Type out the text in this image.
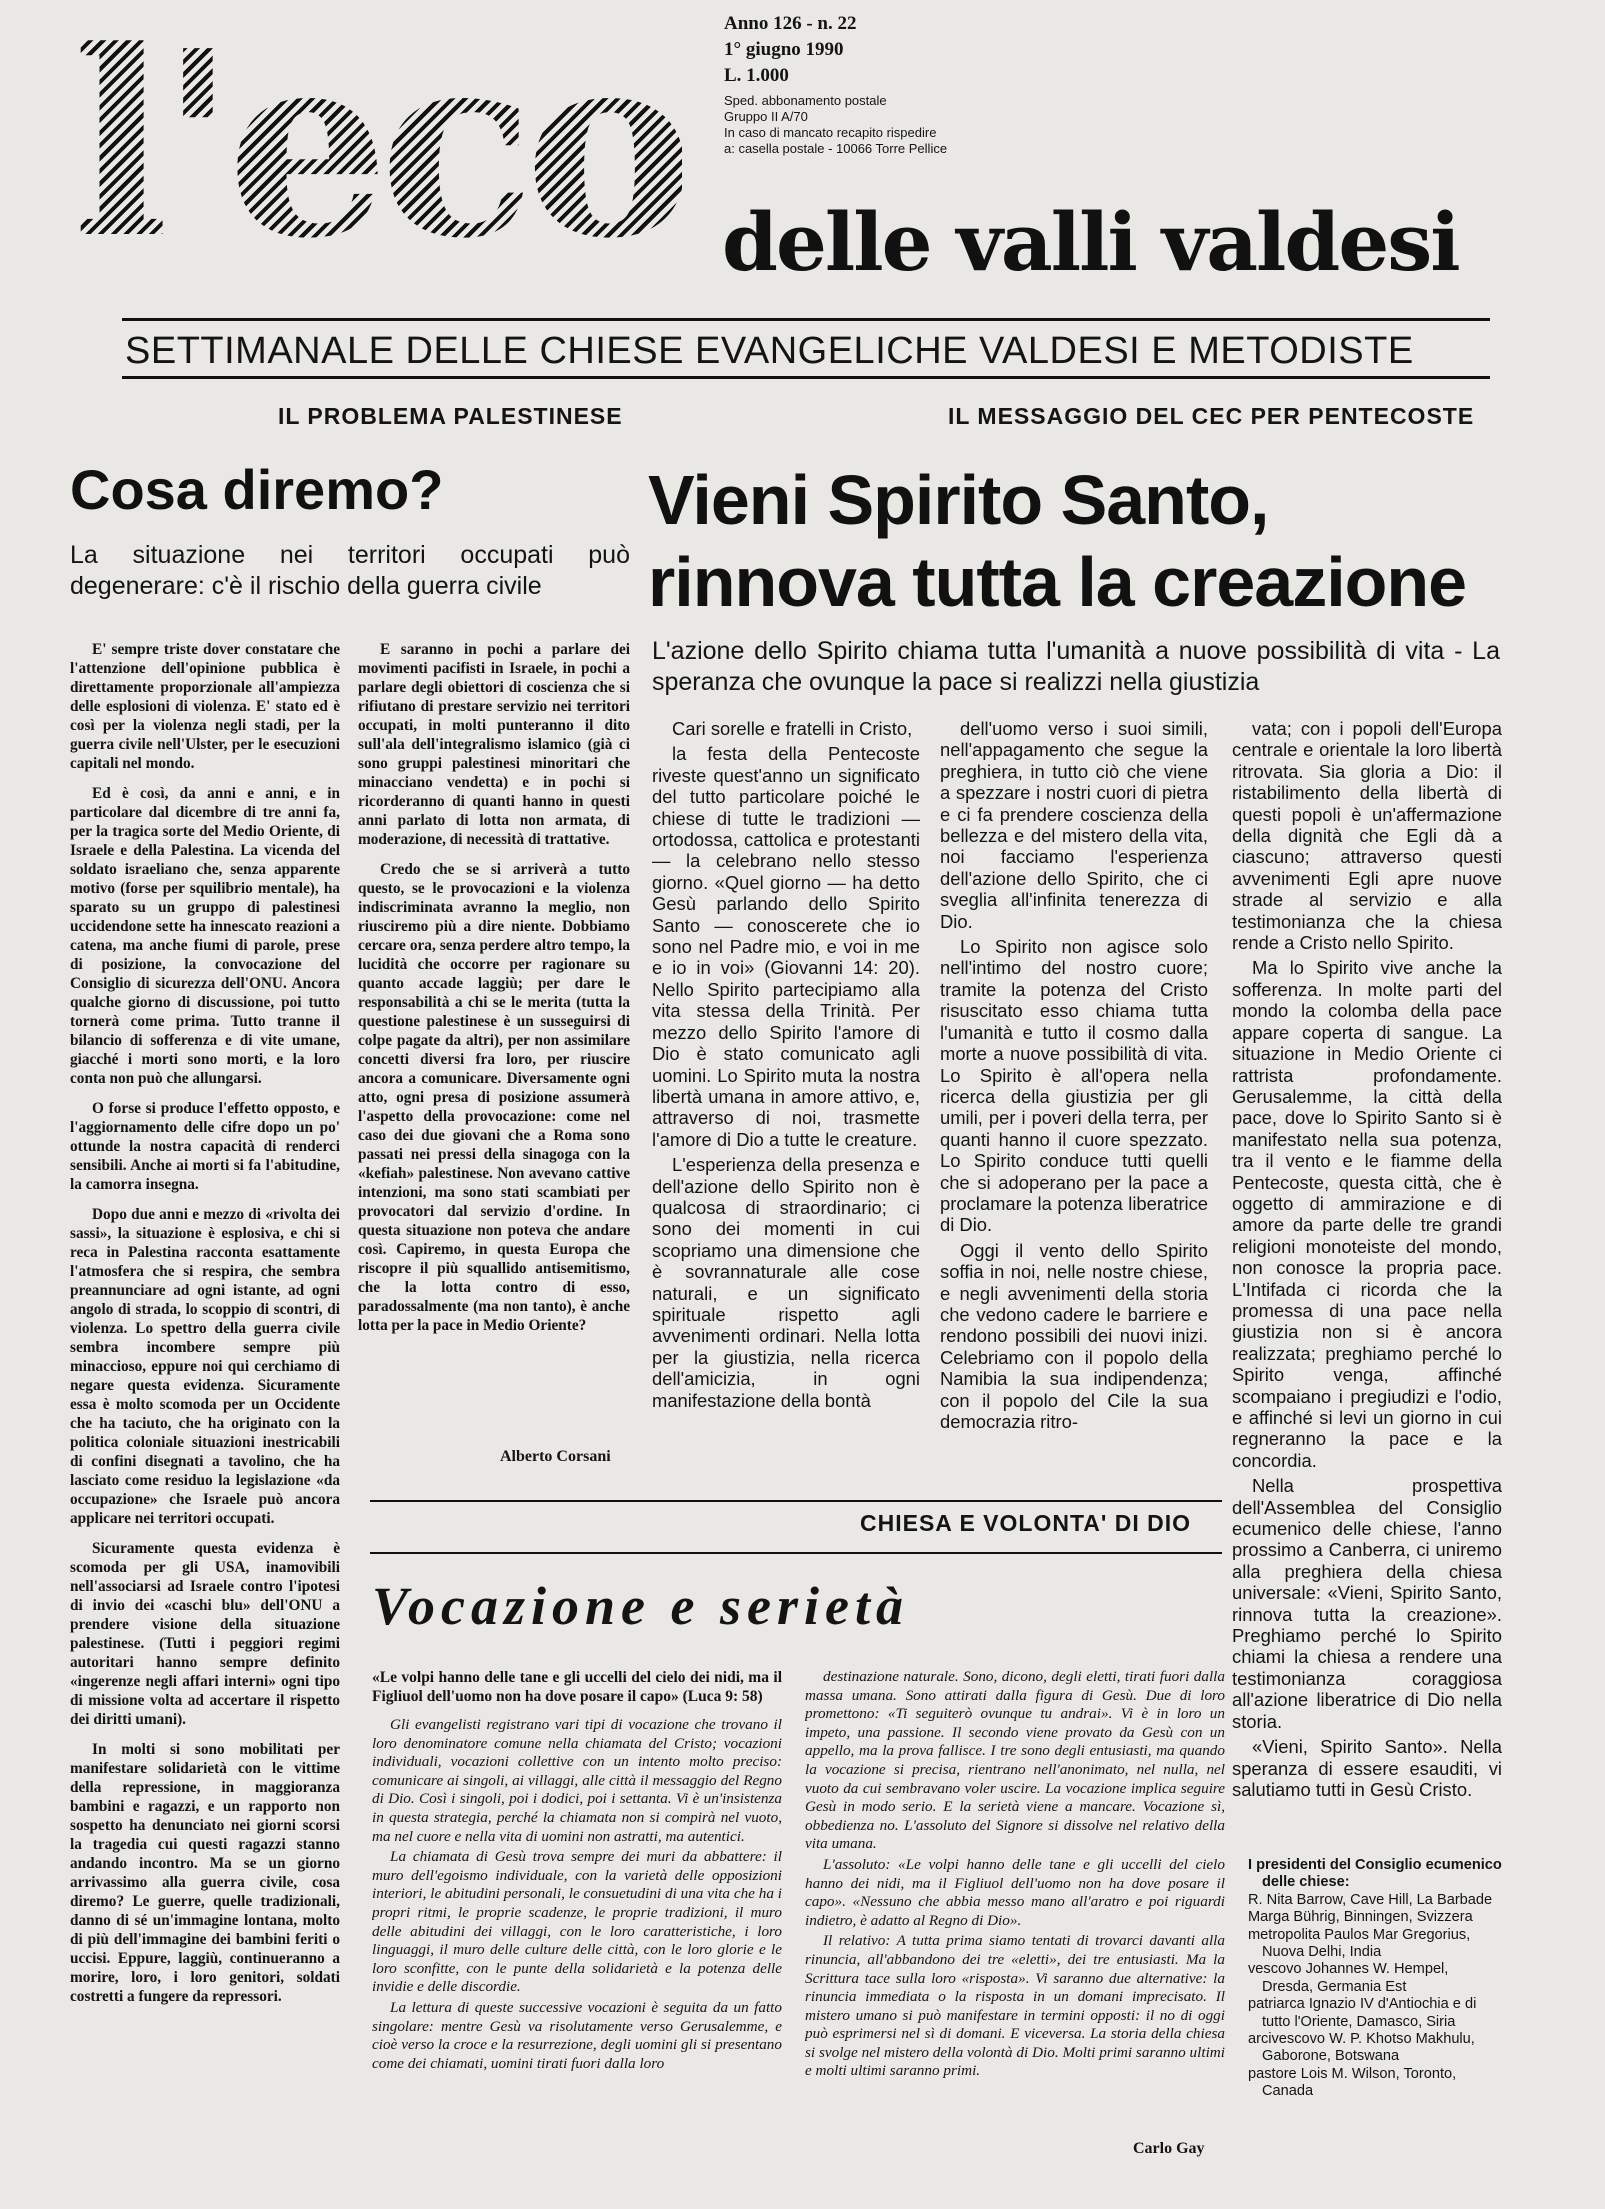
l'eco Anno 126 - n. 22
1° giugno 1990
L. 1.000
Sped. abbonamento postale
Gruppo II A/70
In caso di mancato recapito rispedire
a: casella postale - 10066 Torre Pellice
delle valli valdesi
SETTIMANALE DELLE CHIESE EVANGELICHE VALDESI E METODISTE
IL PROBLEMA PALESTINESE	IL MESSAGGIO DEL CEC PER PENTECOSTE
Cosa diremo?
La situazione nei territori occupati può degenerare: c'è il rischio della guerra civile
Vieni Spirito Santo,
rinnova tutta la creazione
L'azione dello Spirito chiama tutta l'umanità a nuove possibilità di vita - La speranza che ovunque la pace si realizzi nella giustizia

E' sempre triste dover constatare che l'attenzione dell'opinione pubblica è direttamente proporzionale all'ampiezza delle esplosioni di violenza. E' stato ed è così per la violenza negli stadi, per la guerra civile nell'Ulster, per le esecuzioni capitali nel mondo.

Ed è così, da anni e anni, e in particolare dal dicembre di tre anni fa, per la tragica sorte del Medio Oriente, di Israele e della Palestina. La vicenda del soldato israeliano che, senza apparente motivo (forse per squilibrio mentale), ha sparato su un gruppo di palestinesi uccidendone sette ha innescato reazioni a catena, ma anche fiumi di parole, prese di posizione, la convocazione del Consiglio di sicurezza dell'ONU. Ancora qualche giorno di discussione, poi tutto tornerà come prima. Tutto tranne il bilancio di sofferenza e di vite umane, giacché i morti sono morti, e la loro conta non può che allungarsi.

O forse si produce l'effetto opposto, e l'aggiornamento delle cifre dopo un po' ottunde la nostra capacità di renderci sensibili. Anche ai morti si fa l'abitudine, la camorra insegna.

Dopo due anni e mezzo di «rivolta dei sassi», la situazione è esplosiva, e chi si reca in Palestina racconta esattamente l'atmosfera che si respira, che sembra preannunciare ad ogni istante, ad ogni angolo di strada, lo scoppio di scontri, di violenza. Lo spettro della guerra civile sembra incombere sempre più minaccioso, eppure noi qui cerchiamo di negare questa evidenza. Sicuramente essa è molto scomoda per un Occidente che ha taciuto, che ha originato con la politica coloniale situazioni inestricabili di confini disegnati a tavolino, che ha lasciato come residuo la legislazione «da occupazione» che Israele può ancora applicare nei territori occupati.

Sicuramente questa evidenza è scomoda per gli USA, inamovibili nell'associarsi ad Israele contro l'ipotesi di invio dei «caschi blu» dell'ONU a prendere visione della situazione palestinese. (Tutti i peggiori regimi autoritari hanno sempre definito «ingerenze negli affari interni» ogni tipo di missione volta ad accertare il rispetto dei diritti umani).

In molti si sono mobilitati per manifestare solidarietà con le vittime della repressione, in maggioranza bambini e ragazzi, e un rapporto non sospetto ha denunciato nei giorni scorsi la tragedia cui questi ragazzi stanno andando incontro. Ma se un giorno arrivassimo alla guerra civile, cosa diremo? Le guerre, quelle tradizionali, danno di sé un'immagine lontana, molto di più dell'immagine dei bambini feriti o uccisi. Eppure, laggiù, continueranno a morire, loro, i loro genitori, soldati costretti a fungere da repressori.

E saranno in pochi a parlare dei movimenti pacifisti in Israele, in pochi a parlare degli obiettori di coscienza che si rifiutano di prestare servizio nei territori occupati, in molti punteranno il dito sull'ala dell'integralismo islamico (già ci sono gruppi palestinesi minoritari che minacciano vendetta) e in pochi si ricorderanno di quanti hanno in questi anni parlato di lotta non armata, di moderazione, di necessità di trattative.

Credo che se si arriverà a tutto questo, se le provocazioni e la violenza indiscriminata avranno la meglio, non riusciremo più a dire niente. Dobbiamo cercare ora, senza perdere altro tempo, la lucidità che occorre per ragionare su quanto accade laggiù; per dare le responsabilità a chi se le merita (tutta la questione palestinese è un susseguirsi di colpe pagate da altri), per non assimilare concetti diversi fra loro, per riuscire ancora a comunicare. Diversamente ogni atto, ogni presa di posizione assumerà l'aspetto della provocazione: come nel caso dei due giovani che a Roma sono passati nei pressi della sinagoga con la «kefiah» palestinese. Non avevano cattive intenzioni, ma sono stati scambiati per provocatori dal servizio d'ordine. In questa situazione non poteva che andare così. Capiremo, in questa Europa che riscopre il più squallido antisemitismo, che la lotta contro di esso, paradossalmente (ma non tanto), è anche lotta per la pace in Medio Oriente?

Alberto Corsani

Cari sorelle e fratelli in Cristo,

la festa della Pentecoste riveste quest'anno un significato del tutto particolare poiché le chiese di tutte le tradizioni — ortodossa, cattolica e protestanti — la celebrano nello stesso giorno. «Quel giorno — ha detto Gesù parlando dello Spirito Santo — conoscerete che io sono nel Padre mio, e voi in me e io in voi» (Giovanni 14: 20). Nello Spirito partecipiamo alla vita stessa della Trinità. Per mezzo dello Spirito l'amore di Dio è stato comunicato agli uomini. Lo Spirito muta la nostra libertà umana in amore attivo, e, attraverso di noi, trasmette l'amore di Dio a tutte le creature.

L'esperienza della presenza e dell'azione dello Spirito non è qualcosa di straordinario; ci sono dei momenti in cui scopriamo una dimensione che è sovrannaturale alle cose naturali, e un significato spirituale rispetto agli avvenimenti ordinari. Nella lotta per la giustizia, nella ricerca dell'amicizia, in ogni manifestazione della bontà

dell'uomo verso i suoi simili, nell'appagamento che segue la preghiera, in tutto ciò che viene a spezzare i nostri cuori di pietra e ci fa prendere coscienza della bellezza e del mistero della vita, noi facciamo l'esperienza dell'azione dello Spirito, che ci sveglia all'infinita tenerezza di Dio.

Lo Spirito non agisce solo nell'intimo del nostro cuore; tramite la potenza del Cristo risuscitato esso chiama tutta l'umanità e tutto il cosmo dalla morte a nuove possibilità di vita. Lo Spirito è all'opera nella ricerca della giustizia per gli umili, per i poveri della terra, per quanti hanno il cuore spezzato. Lo Spirito conduce tutti quelli che si adoperano per la pace a proclamare la potenza liberatrice di Dio.

Oggi il vento dello Spirito soffia in noi, nelle nostre chiese, e negli avvenimenti della storia che vedono cadere le barriere e rendono possibili dei nuovi inizi. Celebriamo con il popolo della Namibia la sua indipendenza; con il popolo del Cile la sua democrazia ritro-

vata; con i popoli dell'Europa centrale e orientale la loro libertà ritrovata. Sia gloria a Dio: il ristabilimento della libertà di questi popoli è un'affermazione della dignità che Egli dà a ciascuno; attraverso questi avvenimenti Egli apre nuove strade al servizio e alla testimonianza che la chiesa rende a Cristo nello Spirito.

Ma lo Spirito vive anche la sofferenza. In molte parti del mondo la colomba della pace appare coperta di sangue. La situazione in Medio Oriente ci rattrista profondamente. Gerusalemme, la città della pace, dove lo Spirito Santo si è manifestato nella sua potenza, tra il vento e le fiamme della Pentecoste, questa città, che è oggetto di ammirazione e di amore da parte delle tre grandi religioni monoteiste del mondo, non conosce la propria pace. L'Intifada ci ricorda che la promessa di una pace nella giustizia non si è ancora realizzata; preghiamo perché lo Spirito venga, affinché scompaiano i pregiudizi e l'odio, e affinché si levi un giorno in cui regneranno la pace e la concordia.

Nella prospettiva dell'Assemblea del Consiglio ecumenico delle chiese, l'anno prossimo a Canberra, ci uniremo alla preghiera della chiesa universale: «Vieni, Spirito Santo, rinnova tutta la creazione». Preghiamo perché lo Spirito chiami la chiesa a rendere una testimonianza coraggiosa all'azione liberatrice di Dio nella storia.

«Vieni, Spirito Santo». Nella speranza di essere esauditi, vi salutiamo tutti in Gesù Cristo.

I presidenti del Consiglio ecumenico delle chiese:
R. Nita Barrow, Cave Hill, La Barbade
Marga Bührig, Binningen, Svizzera
metropolita Paulos Mar Gregorius, Nuova Delhi, India
vescovo Johannes W. Hempel, Dresda, Germania Est
patriarca Ignazio IV d'Antiochia e di tutto l'Oriente, Damasco, Siria
arcivescovo W. P. Khotso Makhulu, Gaborone, Botswana
pastore Lois M. Wilson, Toronto, Canada
CHIESA E VOLONTA' DI DIO
Vocazione e serietà
«Le volpi hanno delle tane e gli uccelli del cielo dei nidi, ma il Figliuol dell'uomo non ha dove posare il capo» (Luca 9: 58)

Gli evangelisti registrano vari tipi di vocazione che trovano il loro denominatore comune nella chiamata del Cristo; vocazioni individuali, vocazioni collettive con un intento molto preciso: comunicare ai singoli, ai villaggi, alle città il messaggio del Regno di Dio. Così i singoli, poi i dodici, poi i settanta. Vi è un'insistenza in questa strategia, perché la chiamata non si compirà nel vuoto, ma nel cuore e nella vita di uomini non astratti, ma autentici.

La chiamata di Gesù trova sempre dei muri da abbattere: il muro dell'egoismo individuale, con la varietà delle opposizioni interiori, le abitudini personali, le consuetudini di una vita che ha i propri ritmi, le proprie scadenze, le proprie tradizioni, il muro delle abitudini dei villaggi, con le loro caratteristiche, i loro linguaggi, il muro delle culture delle città, con le loro glorie e le loro sconfitte, con le punte della solidarietà e la potenza delle invidie e delle discordie.

La lettura di queste successive vocazioni è seguita da un fatto singolare: mentre Gesù va risolutamente verso Gerusalemme, e cioè verso la croce e la resurrezione, degli uomini gli si presentano come dei chiamati, uomini tirati fuori dalla loro

destinazione naturale. Sono, dicono, degli eletti, tirati fuori dalla massa umana. Sono attirati dalla figura di Gesù. Due di loro promettono: «Ti seguiterò ovunque tu andrai». Vi è in loro un impeto, una passione. Il secondo viene provato da Gesù con un appello, ma la prova fallisce. I tre sono degli entusiasti, ma quando la vocazione si precisa, rientrano nell'anonimato, nel nulla, nel vuoto da cui sembravano voler uscire. La vocazione implica seguire Gesù in modo serio. E la serietà viene a mancare. Vocazione sì, obbedienza no. L'assoluto del Signore si dissolve nel relativo della vita umana.

L'assoluto: «Le volpi hanno delle tane e gli uccelli del cielo hanno dei nidi, ma il Figliuol dell'uomo non ha dove posare il capo». «Nessuno che abbia messo mano all'aratro e poi riguardi indietro, è adatto al Regno di Dio».

Il relativo: A tutta prima siamo tentati di trovarci davanti alla rinuncia, all'abbandono dei tre «eletti», dei tre entusiasti. Ma la Scrittura tace sulla loro «risposta». Vi saranno due alternative: la rinuncia immediata o la risposta in un domani imprecisato. Il mistero umano si può manifestare in termini opposti: il no di oggi può esprimersi nel sì di domani. E viceversa. La storia della chiesa si svolge nel mistero della volontà di Dio. Molti primi saranno ultimi e molti ultimi saranno primi.

Carlo Gay
